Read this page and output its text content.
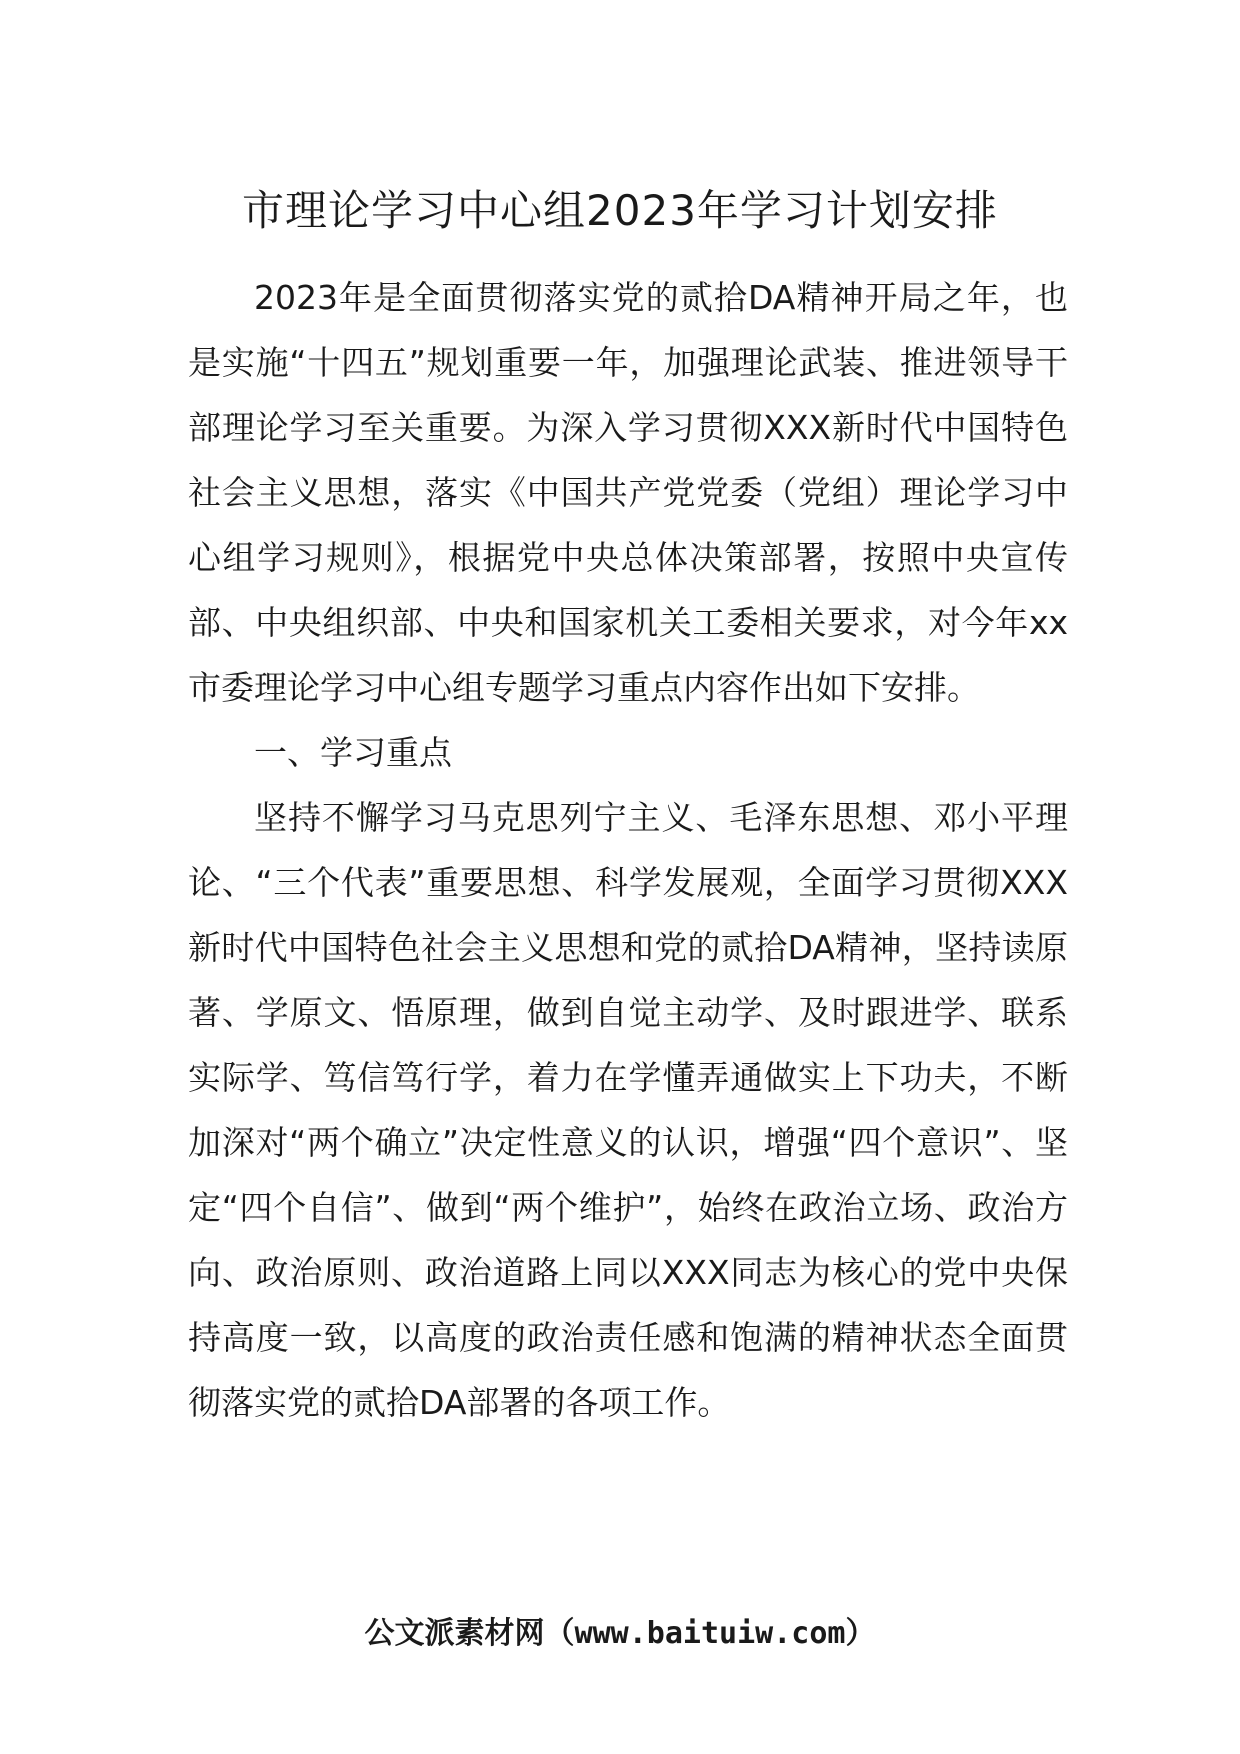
市理论学习中心组2023年学习计划安排

2023年是全面贯彻落实党的贰拾DA精神开局之年，也是实施“十四五”规划重要一年，加强理论武装、推进领导干部理论学习至关重要。为深入学习贯彻XXX新时代中国特色社会主义思想，落实《中国共产党党委（党组）理论学习中心组学习规则》，根据党中央总体决策部署，按照中央宣传部、中央组织部、中央和国家机关工委相关要求，对今年xx市委理论学习中心组专题学习重点内容作出如下安排。

一、学习重点

坚持不懈学习马克思列宁主义、毛泽东思想、邓小平理论、“三个代表”重要思想、科学发展观，全面学习贯彻XXX新时代中国特色社会主义思想和党的贰拾DA精神，坚持读原著、学原文、悟原理，做到自觉主动学、及时跟进学、联系实际学、笃信笃行学，着力在学懂弄通做实上下功夫，不断加深对“两个确立”决定性意义的认识，增强“四个意识”、坚定“四个自信”、做到“两个维护”，始终在政治立场、政治方向、政治原则、政治道路上同以XXX同志为核心的党中央保持高度一致，以高度的政治责任感和饱满的精神状态全面贯彻落实党的贰拾DA部署的各项工作。

公文派素材网（www.baituiw.com）
